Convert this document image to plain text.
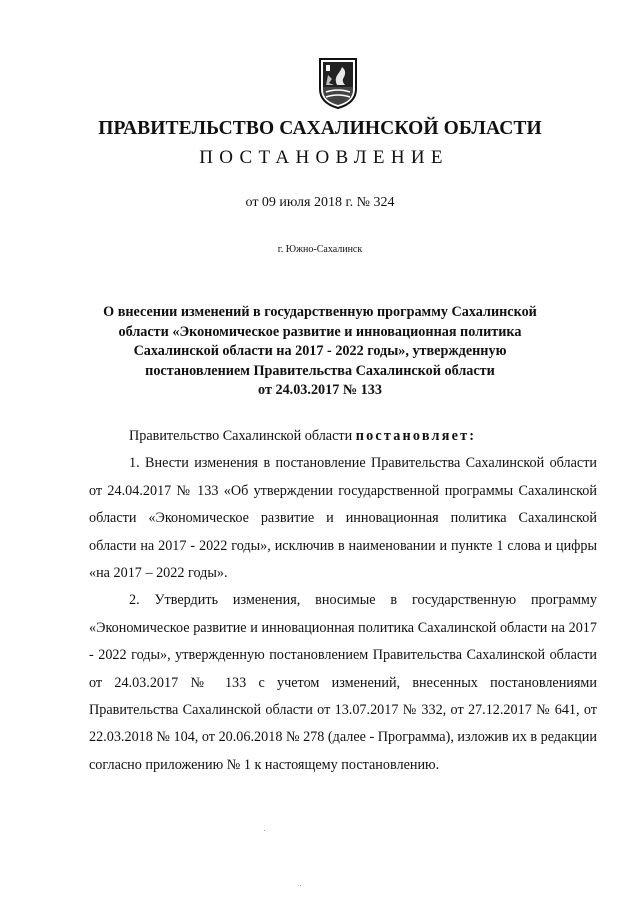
ПРАВИТЕЛЬСТВО САХАЛИНСКОЙ ОБЛАСТИ
ПОСТАНОВЛЕНИЕ
от 09 июля 2018 г. № 324
г. Южно-Сахалинск
О внесении изменений в государственную программу Сахалинской
области «Экономическое развитие и инновационная политика
Сахалинской области на 2017 - 2022 годы», утвержденную
постановлением Правительства Сахалинской области
от 24.03.2017 № 133

Правительство Сахалинской области постановляет:

1. Внести изменения в постановление Правительства Сахалинской области от 24.04.2017 № 133 «Об утверждении государственной программы Сахалинской области «Экономическое развитие и инновационная политика Сахалинской области на 2017 - 2022 годы», исключив в наименовании и пункте 1 слова и цифры «на 2017 – 2022 годы».

2. Утвердить изменения, вносимые в государственную программу «Экономическое развитие и инновационная политика Сахалинской области на 2017 - 2022 годы», утвержденную постановлением Правительства Сахалинской области от 24.03.2017 № 133 с учетом изменений, внесенных постановлениями Правительства Сахалинской области от 13.07.2017 № 332, от 27.12.2017 № 641, от 22.03.2018 № 104, от 20.06.2018 № 278 (далее - Программа), изложив их в редакции согласно приложению № 1 к настоящему постановлению.
